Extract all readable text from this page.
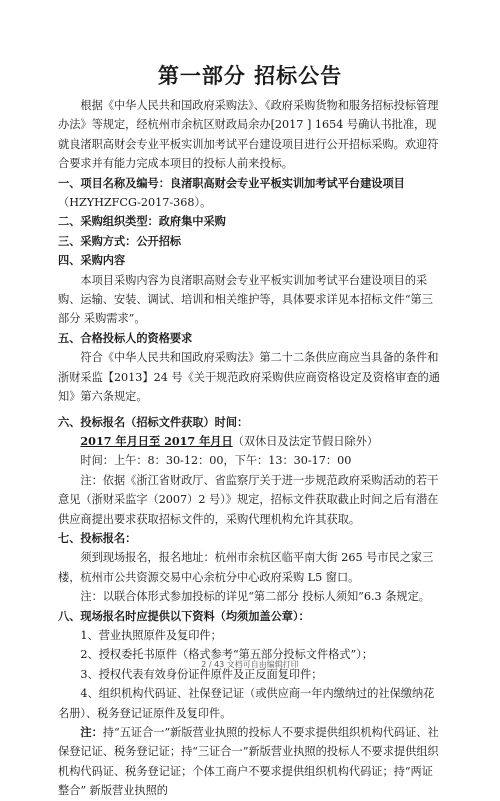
第一部分 招标公告

根据《中华人民共和国政府采购法》、《政府采购货物和服务招标投标管理办法》等规定，经杭州市余杭区财政局余办[2017 ] 1654 号确认书批准，现就良渚职高财会专业平板实训加考试平台建设项目进行公开招标采购。欢迎符合要求并有能力完成本项目的投标人前来投标。

一、项目名称及编号：良渚职高财会专业平板实训加考试平台建设项目

（HZYHZFCG-2017-368）。

二、采购组织类型：政府集中采购

三、采购方式：公开招标

四、采购内容

本项目采购内容为良渚职高财会专业平板实训加考试平台建设项目的采购、运输、安装、调试、培训和相关维护等，具体要求详见本招标文件“第三部分 采购需求”。

五、合格投标人的资格要求

符合《中华人民共和国政府采购法》第二十二条供应商应当具备的条件和浙财采监【2013】24 号《关于规范政府采购供应商资格设定及资格审查的通知》第六条规定。

六、投标报名（招标文件获取）时间：

2017 年月日至 2017 年月日（双休日及法定节假日除外）

时间：上午：8：30-12：00，下午：13：30-17：00

注：依据《浙江省财政厅、省监察厅关于进一步规范政府采购活动的若干意见（浙财采监字（2007）2 号）》规定，招标文件获取截止时间之后有潜在供应商提出要求获取招标文件的，采购代理机构允许其获取。

七、投标报名：

须到现场报名，报名地址：杭州市余杭区临平南大街 265 号市民之家三楼，杭州市公共资源交易中心余杭分中心政府采购 L5 窗口。

注：以联合体形式参加投标的详见“第二部分 投标人须知”6.3 条规定。

八、现场报名时应提供以下资料（均须加盖公章）：

1、营业执照原件及复印件；

2、授权委托书原件（格式参考“第五部分投标文件格式”）；

3、授权代表有效身份证件原件及正反面复印件；

4、组织机构代码证、社保登记证（或供应商一年内缴纳过的社保缴纳花名册）、税务登记证原件及复印件。

注：持“五证合一”新版营业执照的投标人不要求提供组织机构代码证、社保登记证、税务登记证；持“三证合一”新版营业执照的投标人不要求提供组织机构代码证、税务登记证；个体工商户不要求提供组织机构代码证；持“两证整合” 新版营业执照的

2 / 43 文档可自由编辑打印
